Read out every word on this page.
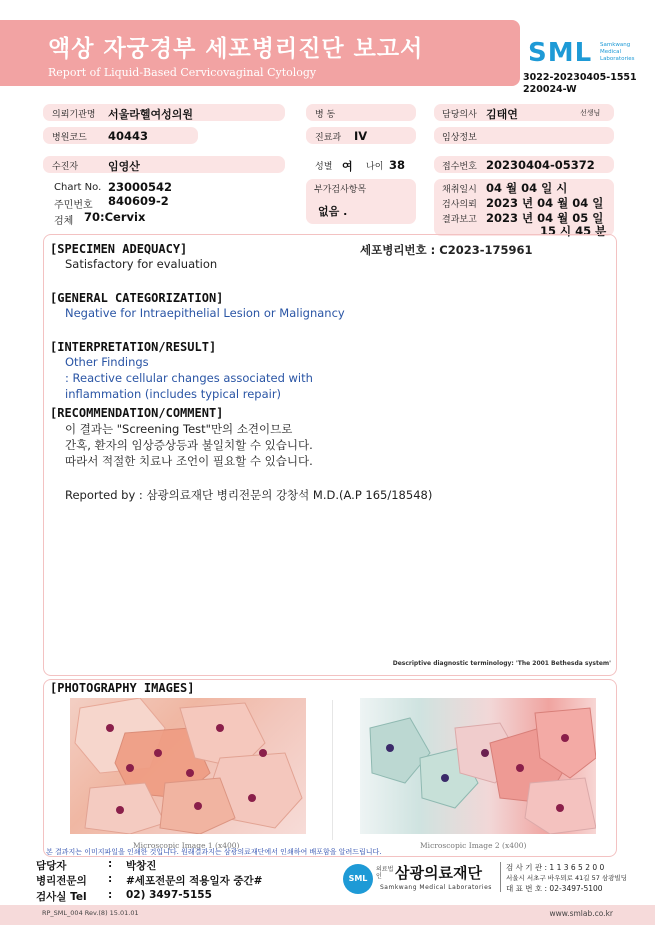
액상 자궁경부 세포병리진단 보고서
Report of Liquid-Based Cervicovaginal Cytology
SML Samkwang
Medical
Laboratories
3022-20230405-1551
220024-W
의뢰기관명 서울라헬여성의원	병 동	담당의사 김태연	선생님
병원코드 40443	진료과 IV	임상정보
수진자	임영산	성별 여 나이 38	접수번호 20230404-05372
Chart No. 23000542
주민번호 840609-2
검체 70:Cervix
부가검사항목
없음 .
채취일시 04 월 04 일 시
검사의뢰 2023 년 04 월 04 일
결과보고 2023 년 04 월 05 일
15 시 45 분
[SPECIMEN ADEQUACY]	세포병리번호 : C2023-175961
Satisfactory for evaluation
[GENERAL CATEGORIZATION]
Negative for Intraepithelial Lesion or Malignancy
[INTERPRETATION/RESULT]
Other Findings
: Reactive cellular changes associated with
inflammation (includes typical repair)
[RECOMMENDATION/COMMENT]
이 결과는 "Screening Test"만의 소견이므로
간혹, 환자의 임상증상등과 불일치할 수 있습니다.
따라서 적절한 치료나 조언이 필요할 수 있습니다.
Reported by : 삼광의료재단 병리전문의 강창석 M.D.(A.P 165/18548)
Descriptive diagnostic terminology: 'The 2001 Bethesda system'
[PHOTOGRAPHY IMAGES]
Microscopic Image 1 (x400)	Microscopic Image 2 (x400)
본 결과지는 이미지파일을 인쇄한 것입니다. 원래결과지는 삼광의료재단에서 인쇄하여 배포함을 알려드립니다.
담당자	: 박창진
병리전문의 : #세포전문의 적용일자 중간#
검사실 Tel : 02) 3497-5155
SML
의료법인 삼광의료재단
Samkwang Medical Laboratories
검 사 기 관 : 1 1 3 6 5 2 0 0
서울시 서초구 바우뫼로 41길 57 삼광빌딩
대 표 번 호 : 02-3497-5100
RP_SML_004 Rev.(8) 15.01.01	www.smlab.co.kr
